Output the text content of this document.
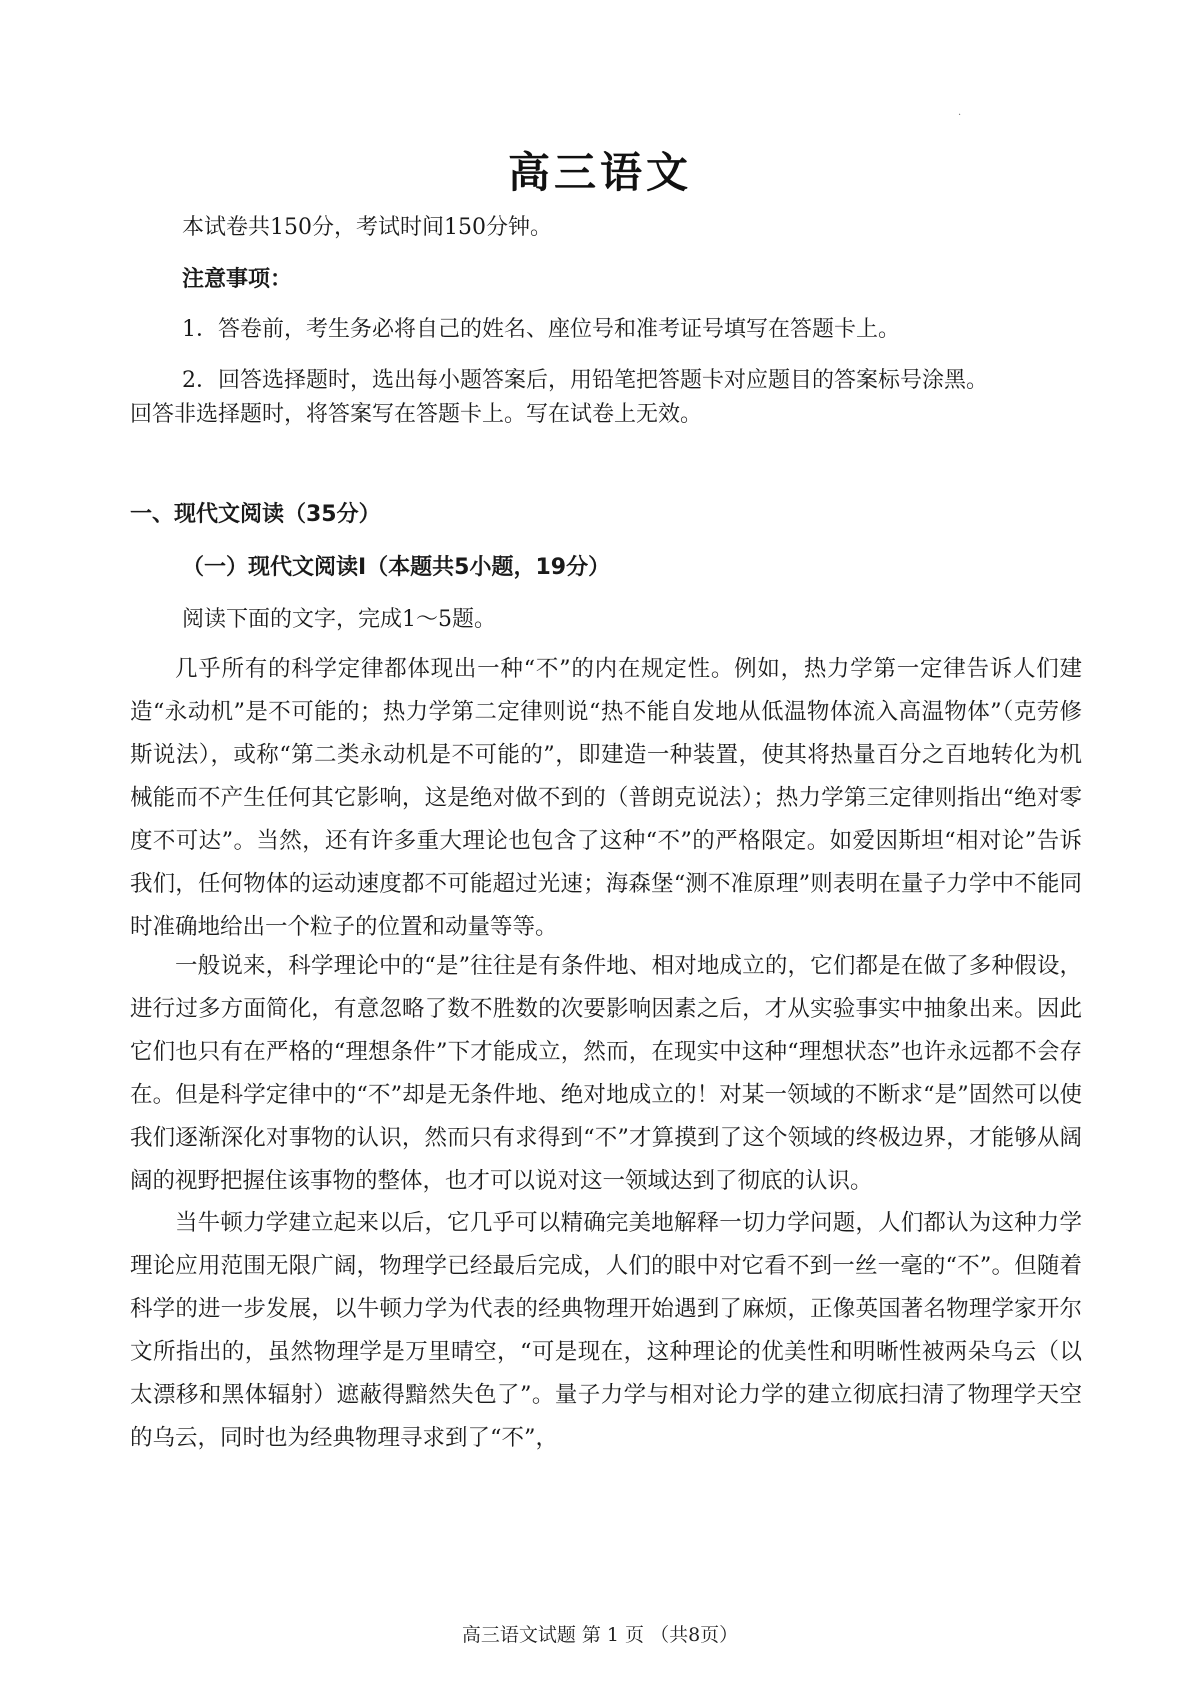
·
高三语文
本试卷共150分，考试时间150分钟。
注意事项：
1．答卷前，考生务必将自己的姓名、座位号和准考证号填写在答题卡上。
2．回答选择题时，选出每小题答案后，用铅笔把答题卡对应题目的答案标号涂黑。
回答非选择题时，将答案写在答题卡上。写在试卷上无效。
一、现代文阅读（35分）
（一）现代文阅读Ⅰ（本题共5小题，19分）
阅读下面的文字，完成1～5题。

几乎所有的科学定律都体现出一种“不”的内在规定性。例如，热力学第一定律告诉人们建造“永动机”是不可能的；热力学第二定律则说“热不能自发地从低温物体流入高温物体”（克劳修斯说法），或称“第二类永动机是不可能的”，即建造一种装置，使其将热量百分之百地转化为机械能而不产生任何其它影响，这是绝对做不到的（普朗克说法）；热力学第三定律则指出“绝对零度不可达”。当然，还有许多重大理论也包含了这种“不”的严格限定。如爱因斯坦“相对论”告诉我们，任何物体的运动速度都不可能超过光速；海森堡“测不准原理”则表明在量子力学中不能同时准确地给出一个粒子的位置和动量等等。

一般说来，科学理论中的“是”往往是有条件地、相对地成立的，它们都是在做了多种假设，进行过多方面简化，有意忽略了数不胜数的次要影响因素之后，才从实验事实中抽象出来。因此它们也只有在严格的“理想条件”下才能成立，然而，在现实中这种“理想状态”也许永远都不会存在。但是科学定律中的“不”却是无条件地、绝对地成立的！对某一领域的不断求“是”固然可以使我们逐渐深化对事物的认识，然而只有求得到“不”才算摸到了这个领域的终极边界，才能够从阔阔的视野把握住该事物的整体，也才可以说对这一领域达到了彻底的认识。

当牛顿力学建立起来以后，它几乎可以精确完美地解释一切力学问题，人们都认为这种力学理论应用范围无限广阔，物理学已经最后完成，人们的眼中对它看不到一丝一毫的“不”。但随着科学的进一步发展，以牛顿力学为代表的经典物理开始遇到了麻烦，正像英国著名物理学家开尔文所指出的，虽然物理学是万里晴空，“可是现在，这种理论的优美性和明晰性被两朵乌云（以太漂移和黑体辐射）遮蔽得黯然失色了”。量子力学与相对论力学的建立彻底扫清了物理学天空的乌云，同时也为经典物理寻求到了“不”，

高三语文试题 第 1 页 （共8页）
